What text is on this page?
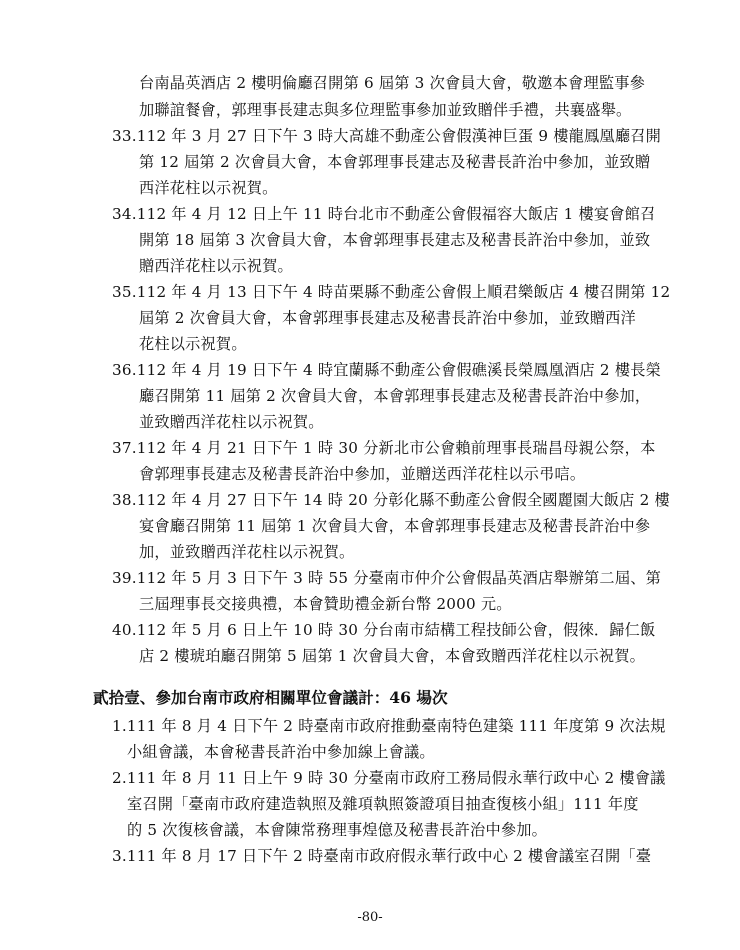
台南晶英酒店 2 樓明倫廳召開第 6 屆第 3 次會員大會，敬邀本會理監事參
加聯誼餐會，郭理事長建志與多位理監事參加並致贈伴手禮，共襄盛舉。
33.112 年 3 月 27 日下午 3 時大高雄不動產公會假漢神巨蛋 9 樓龍鳳凰廳召開
第 12 屆第 2 次會員大會，本會郭理事長建志及秘書長許治中參加，並致贈
西洋花柱以示祝賀。
34.112 年 4 月 12 日上午 11 時台北市不動產公會假福容大飯店 1 樓宴會館召
開第 18 屆第 3 次會員大會，本會郭理事長建志及秘書長許治中參加，並致
贈西洋花柱以示祝賀。
35.112 年 4 月 13 日下午 4 時苗栗縣不動產公會假上順君樂飯店 4 樓召開第 12
屆第 2 次會員大會，本會郭理事長建志及秘書長許治中參加，並致贈西洋
花柱以示祝賀。
36.112 年 4 月 19 日下午 4 時宜蘭縣不動產公會假礁溪長榮鳳凰酒店 2 樓長榮
廳召開第 11 屆第 2 次會員大會，本會郭理事長建志及秘書長許治中參加，
並致贈西洋花柱以示祝賀。
37.112 年 4 月 21 日下午 1 時 30 分新北市公會賴前理事長瑞昌母親公祭，本
會郭理事長建志及秘書長許治中參加，並贈送西洋花柱以示弔唁。
38.112 年 4 月 27 日下午 14 時 20 分彰化縣不動產公會假全國麗園大飯店 2 樓
宴會廳召開第 11 屆第 1 次會員大會，本會郭理事長建志及秘書長許治中參
加，並致贈西洋花柱以示祝賀。
39.112 年 5 月 3 日下午 3 時 55 分臺南市仲介公會假晶英酒店舉辦第二屆、第
三屆理事長交接典禮，本會贊助禮金新台幣 2000 元。
40.112 年 5 月 6 日上午 10 時 30 分台南市結構工程技師公會，假徠．歸仁飯
店 2 樓琥珀廳召開第 5 屆第 1 次會員大會，本會致贈西洋花柱以示祝賀。
貳拾壹、參加台南市政府相關單位會議計：46 場次
1.111 年 8 月 4 日下午 2 時臺南市政府推動臺南特色建築 111 年度第 9 次法規
小組會議，本會秘書長許治中參加線上會議。
2.111 年 8 月 11 日上午 9 時 30 分臺南市政府工務局假永華行政中心 2 樓會議
室召開「臺南市政府建造執照及雜項執照簽證項目抽查復核小組」111 年度
的 5 次復核會議，本會陳常務理事煌億及秘書長許治中參加。
3.111 年 8 月 17 日下午 2 時臺南市政府假永華行政中心 2 樓會議室召開「臺
-80-
